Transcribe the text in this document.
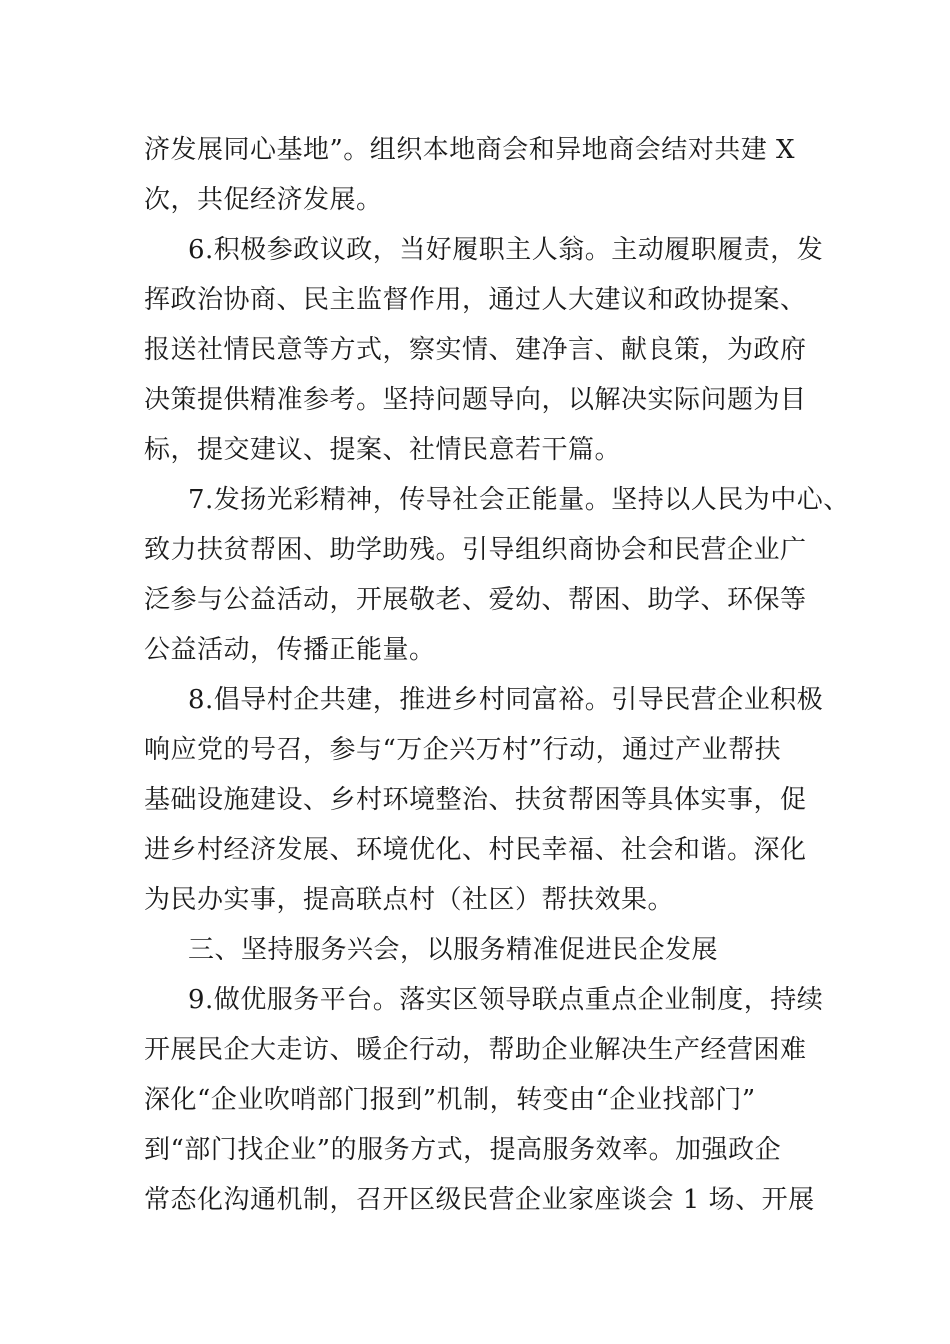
济发展同心基地”。组织本地商会和异地商会结对共建 X
次，共促经济发展。
6.积极参政议政，当好履职主人翁。主动履职履责，发
挥政治协商、民主监督作用，通过人大建议和政协提案、
报送社情民意等方式，察实情、建净言、献良策，为政府
决策提供精准参考。坚持问题导向，以解决实际问题为目
标，提交建议、提案、社情民意若干篇。
7.发扬光彩精神，传导社会正能量。坚持以人民为中心、
致力扶贫帮困、助学助残。引导组织商协会和民营企业广
泛参与公益活动，开展敬老、爱幼、帮困、助学、环保等
公益活动，传播正能量。
8.倡导村企共建，推进乡村同富裕。引导民营企业积极
响应党的号召，参与“万企兴万村”行动，通过产业帮扶
基础设施建设、乡村环境整治、扶贫帮困等具体实事，促
进乡村经济发展、环境优化、村民幸福、社会和谐。深化
为民办实事，提高联点村（社区）帮扶效果。
三、坚持服务兴会，以服务精准促进民企发展
9.做优服务平台。落实区领导联点重点企业制度，持续
开展民企大走访、暖企行动，帮助企业解决生产经营困难
深化“企业吹哨部门报到”机制，转变由“企业找部门”
到“部门找企业”的服务方式，提高服务效率。加强政企
常态化沟通机制，召开区级民营企业家座谈会 1 场、开展
